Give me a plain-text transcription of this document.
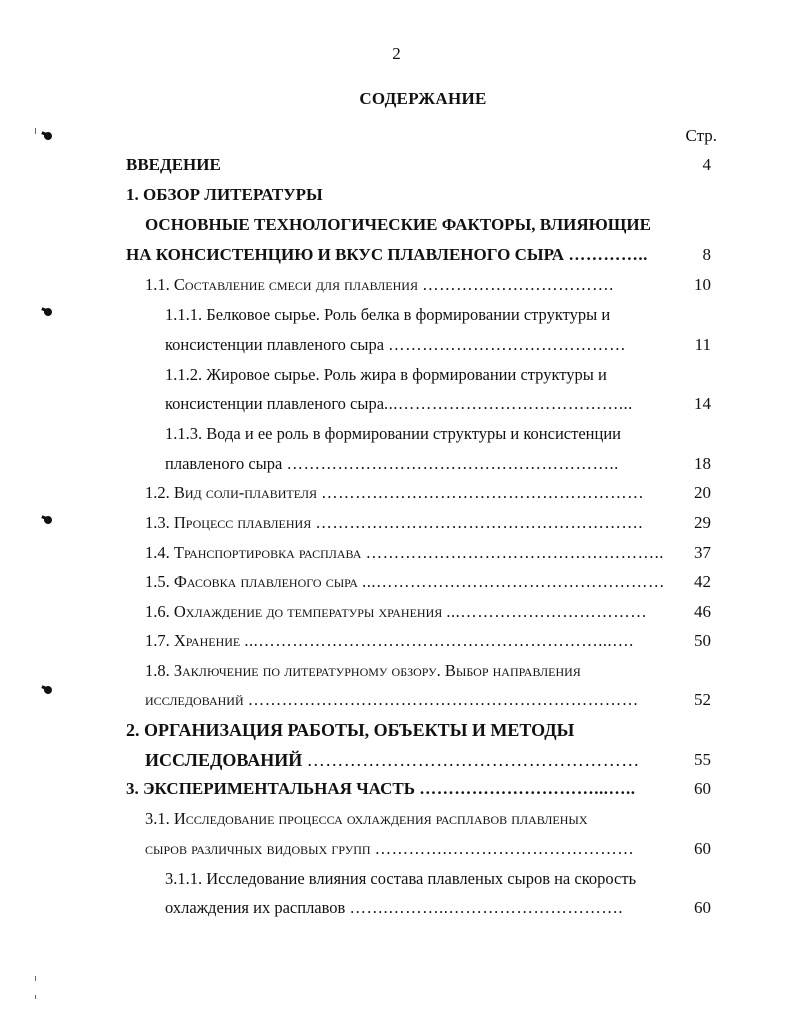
2
СОДЕРЖАНИЕ
Стр.
ВВЕДЕНИЕ	4
1. ОБЗОР ЛИТЕРАТУРЫ
ОСНОВНЫЕ ТЕХНОЛОГИЧЕСКИЕ ФАКТОРЫ, ВЛИЯЮЩИЕ
НА КОНСИСТЕНЦИЮ И ВКУС ПЛАВЛЕНОГО СЫРА …………..	8
1.1. Составление смеси для плавления …………………………….	10
1.1.1. Белковое сырье. Роль белка в формировании структуры и
консистенции плавленого сыра ……………………………………	11
1.1.2. Жировое сырье. Роль жира в формировании структуры и
консистенции плавленого сыра...…………………………………...	14
1.1.3. Вода и ее роль в формировании структуры и консистенции
плавленого сыра …………………………………………………..	18
1.2. Вид соли-плавителя …………………………………………………	20
1.3. Процесс плавления ………………………………………………….	29
1.4. Транспортировка расплава ……………………………………………..	37
1.5. Фасовка плавленого сыра ...……………………………………………	42
1.6. Охлаждение до температуры хранения ...……………………………	46
1.7. Хранение ...……………………………………………………...….	50
1.8. Заключение по литературному обзору. Выбор направления
исследований ……………………………………………………………	52
2. ОРГАНИЗАЦИЯ РАБОТЫ, ОБЪЕКТЫ И МЕТОДЫ
ИССЛЕДОВАНИЙ ………………………………………………	55
3. ЭКСПЕРИМЕНТАЛЬНАЯ ЧАСТЬ …………………………...…..	60
3.1. Исследование процесса охлаждения расплавов плавленых
сыров различных видовых групп ………….……………………………	60
3.1.1. Исследование влияния состава плавленых сыров на скорость
охлаждения их расплавов …….………..………………………….	60
